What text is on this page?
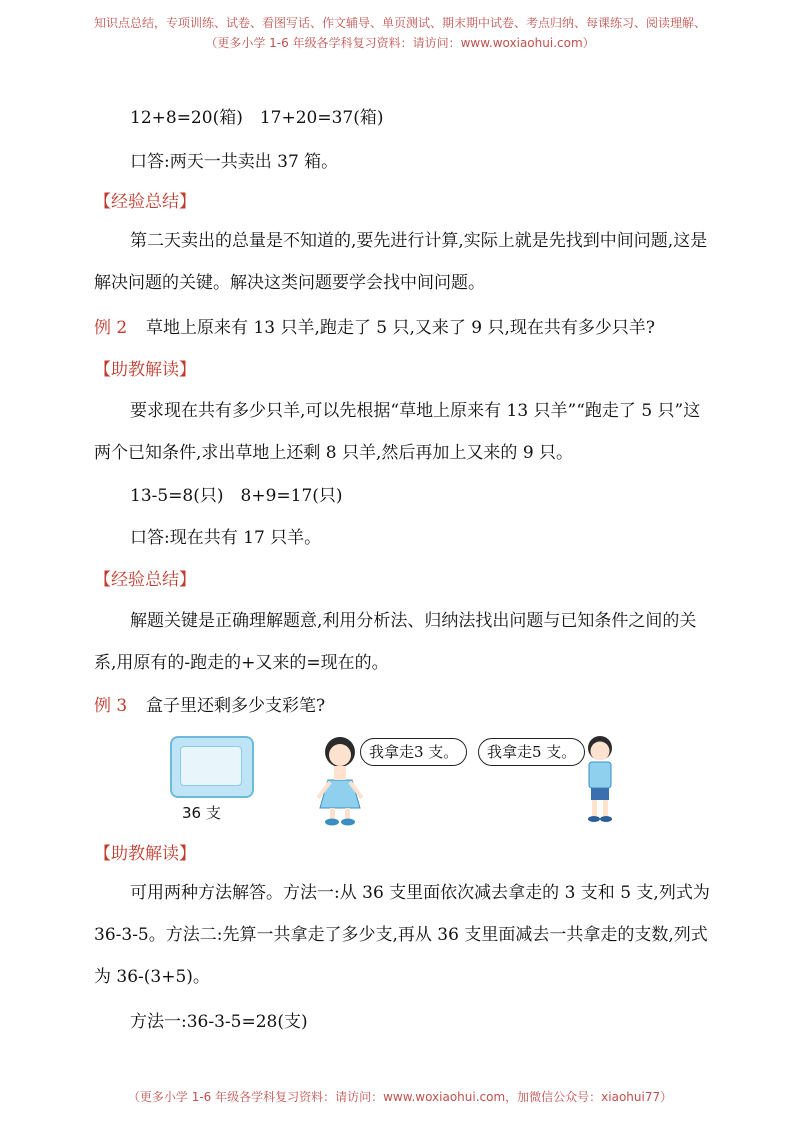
知识点总结，专项训练、试卷、看图写话、作文辅导、单页测试、期末期中试卷、考点归纳、每课练习、阅读理解、
（更多小学 1-6 年级各学科复习资料：请访问：www.woxiaohui.com）
12+8=20(箱)　17+20=37(箱)
口答:两天一共卖出 37 箱。
【经验总结】
第二天卖出的总量是不知道的,要先进行计算,实际上就是先找到中间问题,这是解决问题的关键。解决这类问题要学会找中间问题。
例 2 草地上原来有 13 只羊,跑走了 5 只,又来了 9 只,现在共有多少只羊?
【助教解读】
要求现在共有多少只羊,可以先根据“草地上原来有 13 只羊”“跑走了 5 只”这两个已知条件,求出草地上还剩 8 只羊,然后再加上又来的 9 只。
13-5=8(只)　8+9=17(只)
口答:现在共有 17 只羊。
【经验总结】
解题关键是正确理解题意,利用分析法、归纳法找出问题与已知条件之间的关系,用原有的-跑走的+又来的=现在的。
例 3 盒子里还剩多少支彩笔?
36 支
我拿走3 支。	我拿走5 支。
【助教解读】
可用两种方法解答。方法一:从 36 支里面依次减去拿走的 3 支和 5 支,列式为 36-3-5。方法二:先算一共拿走了多少支,再从 36 支里面减去一共拿走的支数,列式为 36-(3+5)。
方法一:36-3-5=28(支)
（更多小学 1-6 年级各学科复习资料：请访问：www.woxiaohui.com，加微信公众号：xiaohui77）
